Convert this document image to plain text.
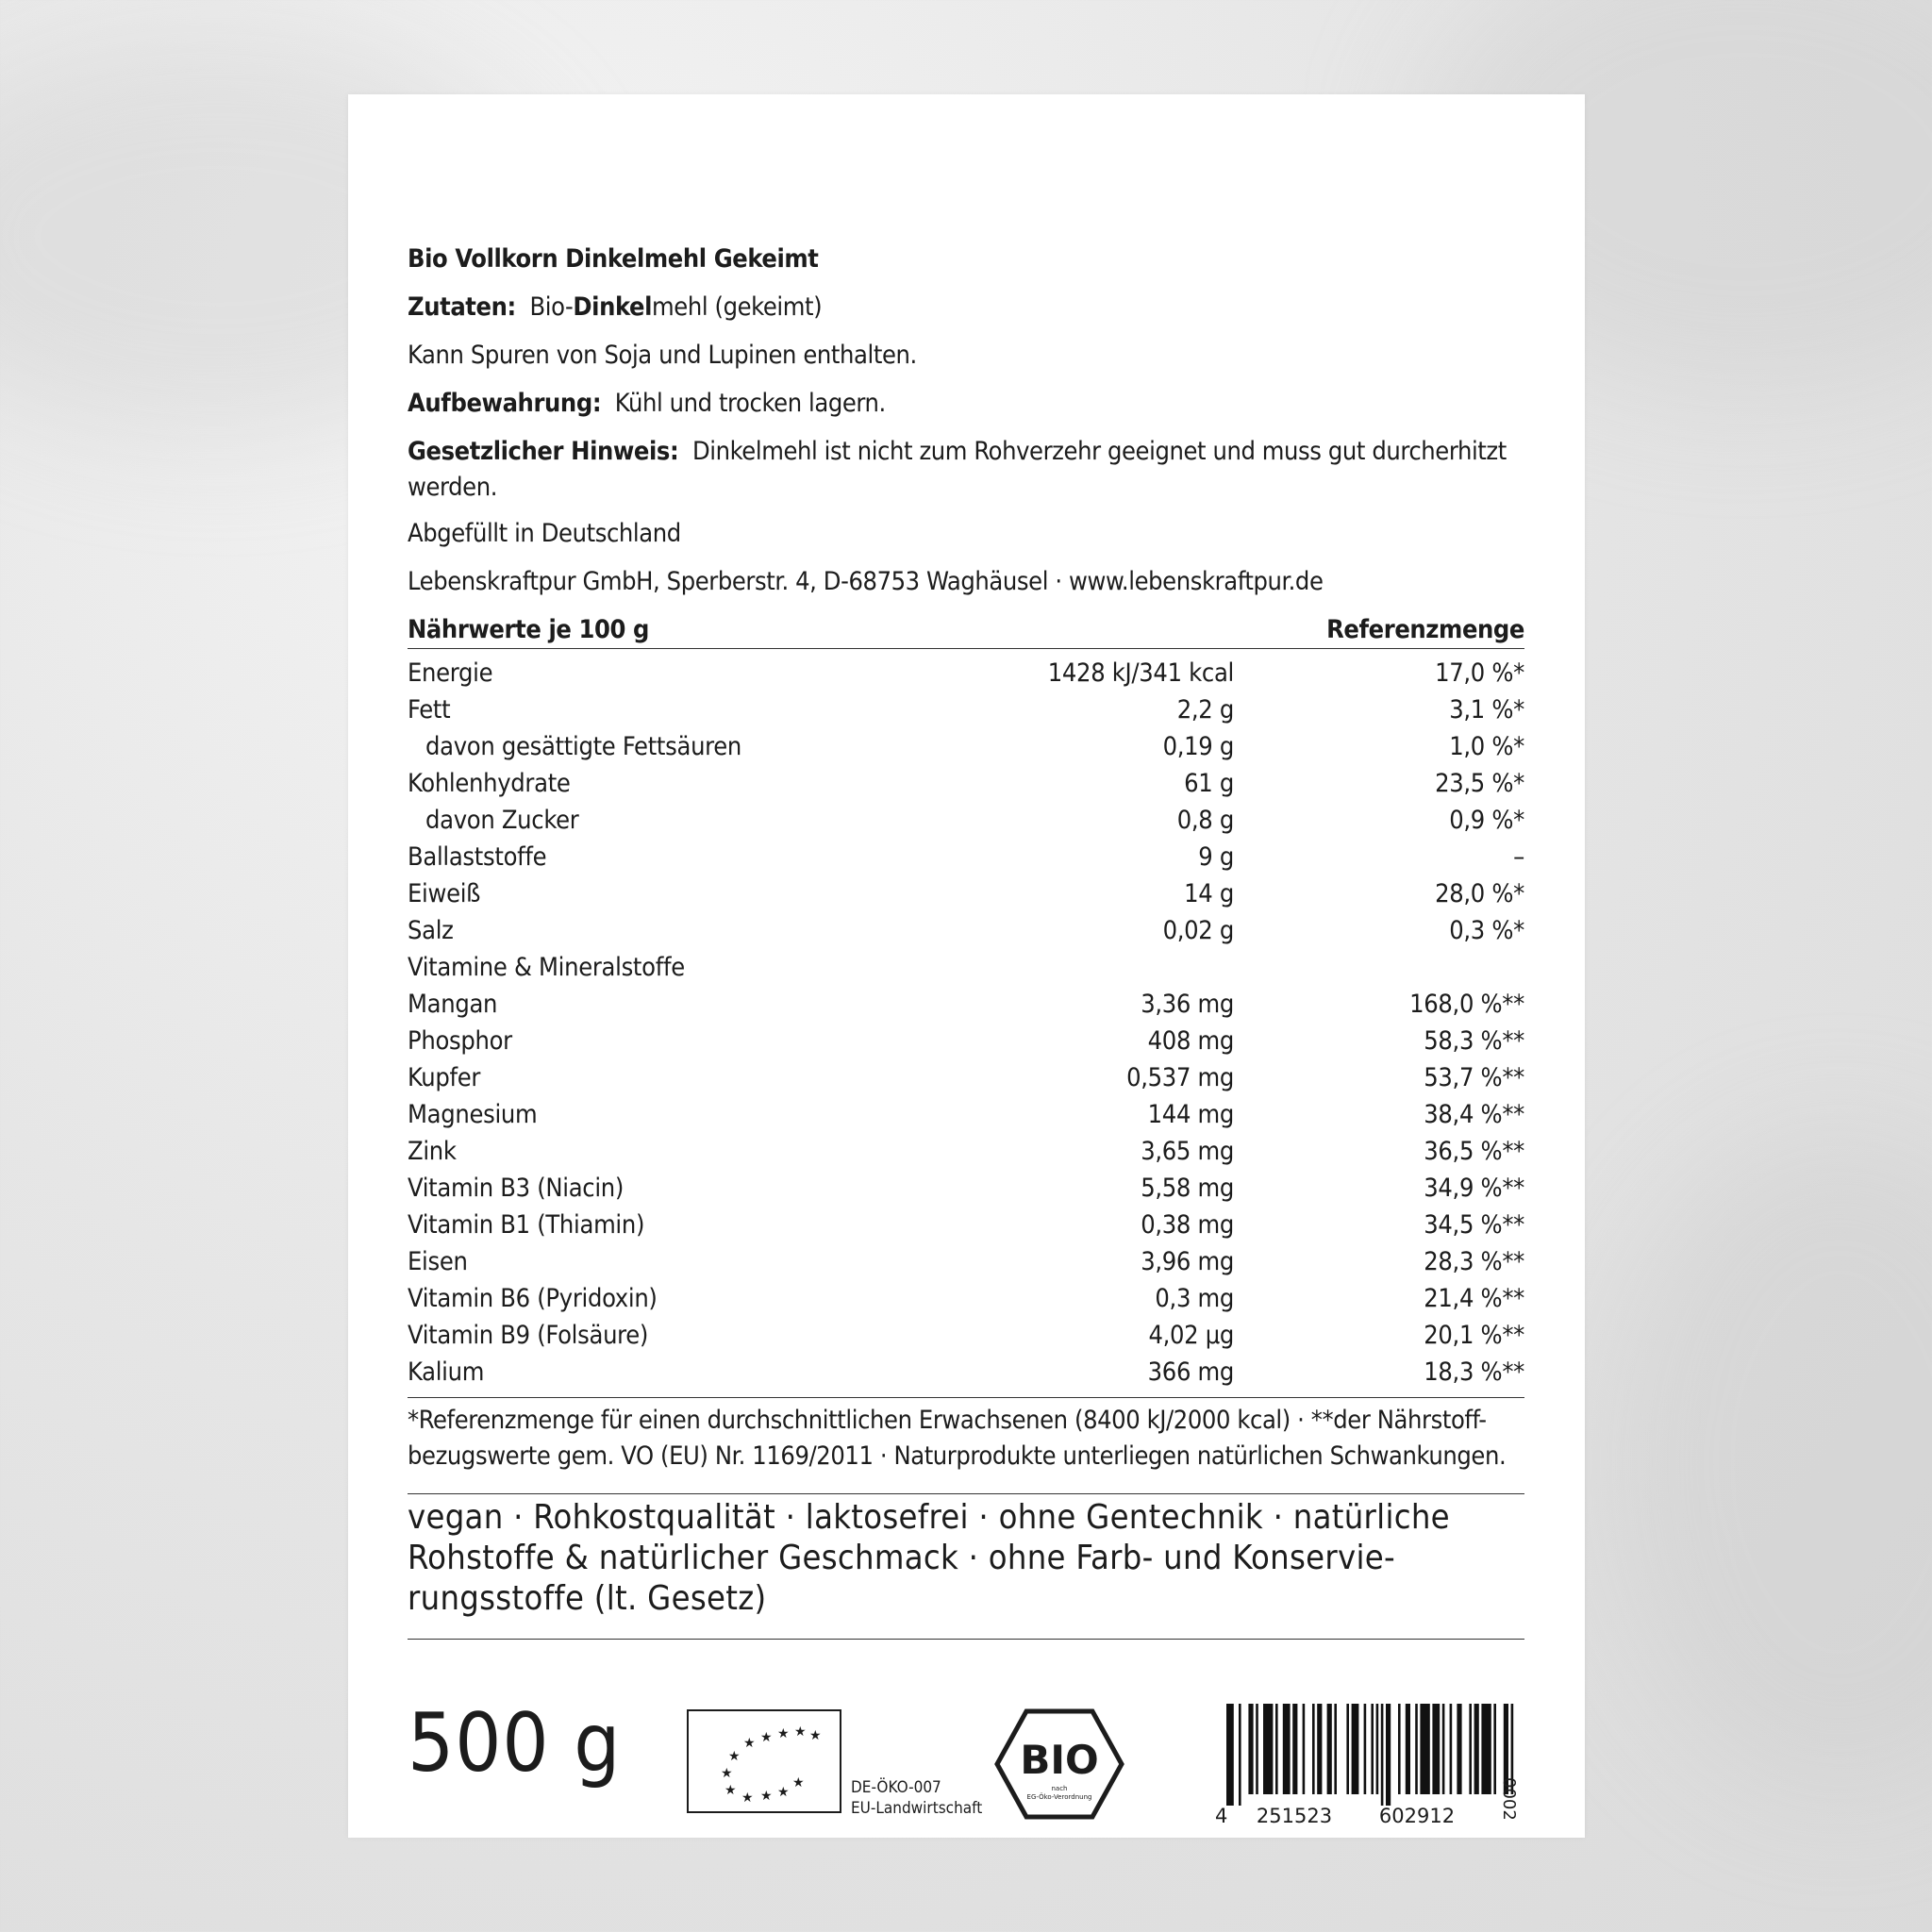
Bio Vollkorn Dinkelmehl Gekeimt
Zutaten: Bio-Dinkelmehl (gekeimt)
Kann Spuren von Soja und Lupinen enthalten.
Aufbewahrung: Kühl und trocken lagern.
Gesetzlicher Hinweis: Dinkelmehl ist nicht zum Rohverzehr geeignet und muss gut durcherhitzt werden.
Abgefüllt in Deutschland
Lebenskraftpur GmbH, Sperberstr. 4, D-68753 Waghäusel · www.lebenskraftpur.de
Nährwerte je 100 g	Referenzmenge
Energie	1428 kJ/341 kcal	17,0 %*
Fett	2,2 g	3,1 %*
davon gesättigte Fettsäuren	0,19 g	1,0 %*
Kohlenhydrate	61 g	23,5 %*
davon Zucker	0,8 g	0,9 %*
Ballaststoffe	9 g	–
Eiweiß	14 g	28,0 %*
Salz	0,02 g	0,3 %*
Vitamine & Mineralstoffe
Mangan	3,36 mg	168,0 %**
Phosphor	408 mg	58,3 %**
Kupfer	0,537 mg	53,7 %**
Magnesium	144 mg	38,4 %**
Zink	3,65 mg	36,5 %**
Vitamin B3 (Niacin)	5,58 mg	34,9 %**
Vitamin B1 (Thiamin)	0,38 mg	34,5 %**
Eisen	3,96 mg	28,3 %**
Vitamin B6 (Pyridoxin)	0,3 mg	21,4 %**
Vitamin B9 (Folsäure)	4,02 µg	20,1 %**
Kalium	366 mg	18,3 %**
*Referenzmenge für einen durchschnittlichen Erwachsenen (8400 kJ/2000 kcal) · **der Nährstoff-
bezugswerte gem. VO (EU) Nr. 1169/2011 · Naturprodukte unterliegen natürlichen Schwankungen.
vegan · Rohkostqualität · laktosefrei · ohne Gentechnik · natürliche
Rohstoffe & natürlicher Geschmack · ohne Farb- und Konservie-
rungsstoffe (lt. Gesetz)
500 g	★ ★ ★ ★ ★
★
★
★ ★ ★ ★
★	DE-ÖKO-007
EU-Landwirtschaft
BIO
nach
EG-Öko-Verordnung
4 251523 602912	0002
